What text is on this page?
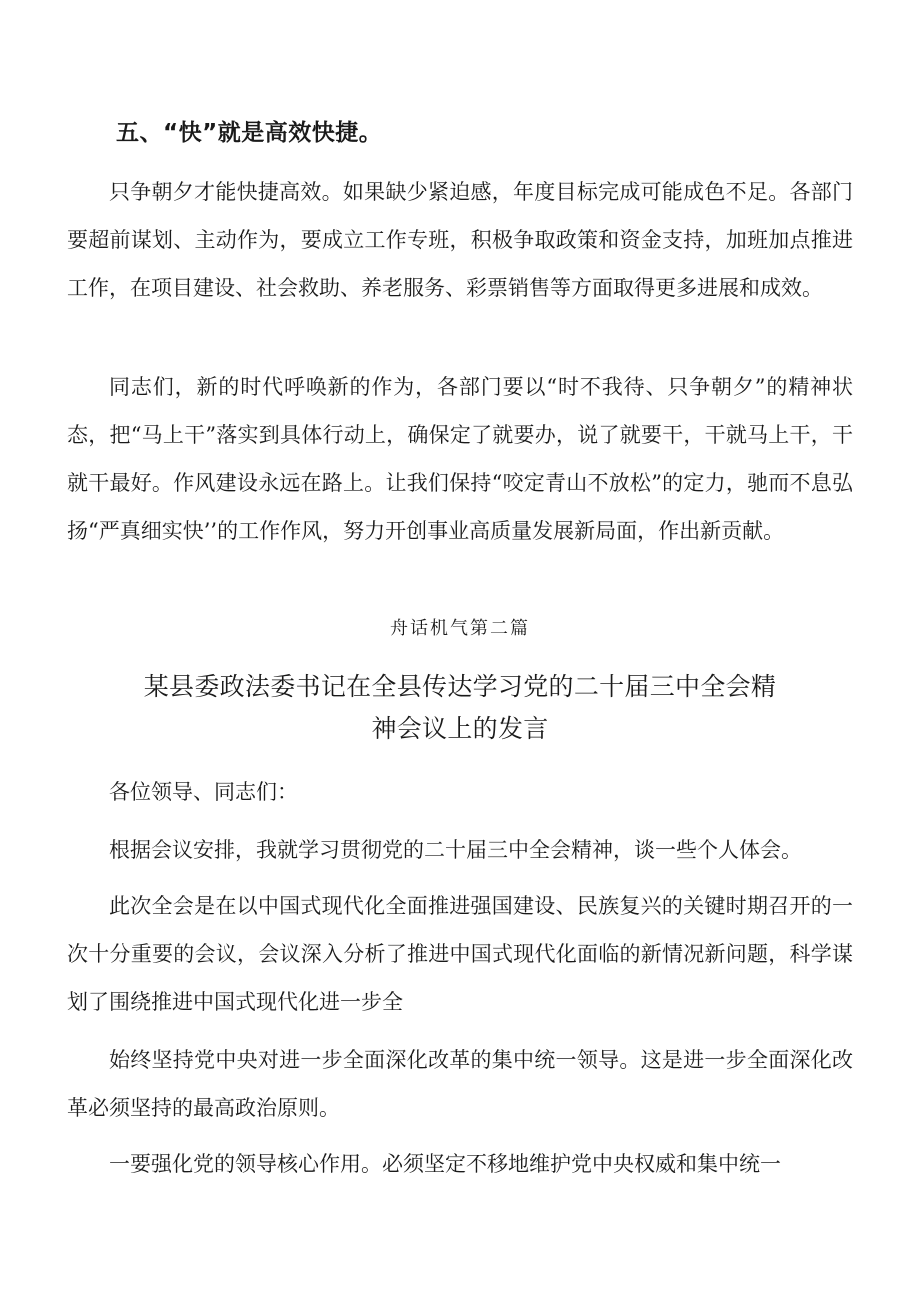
五、“快”就是高效快捷。

只争朝夕才能快捷高效。如果缺少紧迫感，年度目标完成可能成色不足。各部门要超前谋划、主动作为，要成立工作专班，积极争取政策和资金支持，加班加点推进工作，在项目建设、社会救助、养老服务、彩票销售等方面取得更多进展和成效。

同志们，新的时代呼唤新的作为，各部门要以“时不我待、只争朝夕”的精神状态，把“马上干”落实到具体行动上，确保定了就要办，说了就要干，干就马上干，干就干最好。作风建设永远在路上。让我们保持“咬定青山不放松”的定力，驰而不息弘扬“严真细实快’’的工作作风，努力开创事业高质量发展新局面，作出新贡献。

舟话机气第二篇
某县委政法委书记在全县传达学习党的二十届三中全会精
神会议上的发言

各位领导、同志们：

根据会议安排，我就学习贯彻党的二十届三中全会精神，谈一些个人体会。

此次全会是在以中国式现代化全面推进强国建设、民族复兴的关键时期召开的一次十分重要的会议，会议深入分析了推进中国式现代化面临的新情况新问题，科学谋划了围绕推进中国式现代化进一步全

始终坚持党中央对进一步全面深化改革的集中统一领导。这是进一步全面深化改革必须坚持的最高政治原则。

一要强化党的领导核心作用。必须坚定不移地维护党中央权威和集中统一
